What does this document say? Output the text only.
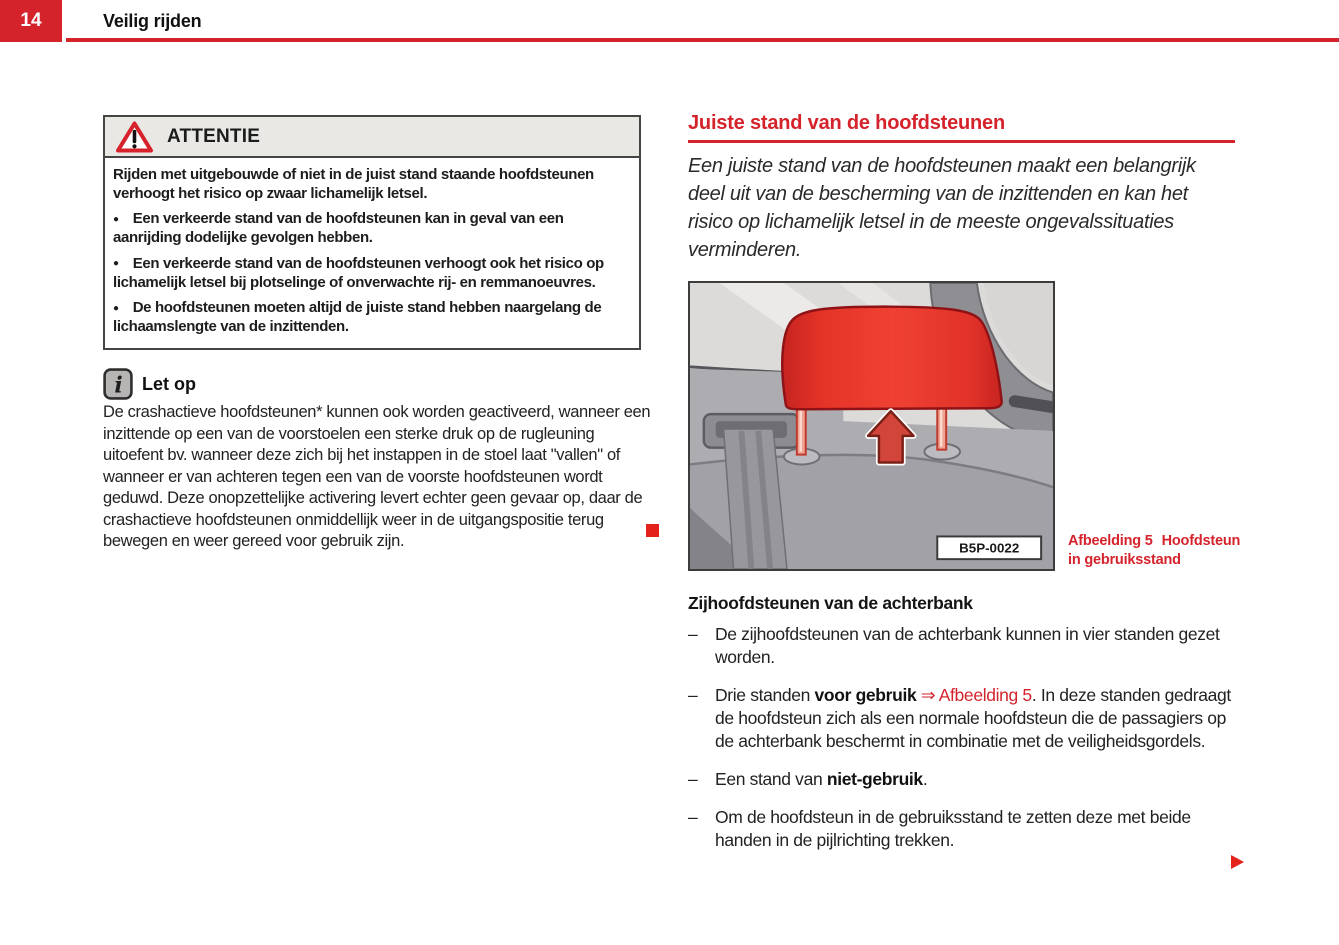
14	Veilig rijden
ATTENTIE

Rijden met uitgebouwde of niet in de juist stand staande hoofdsteunen verhoogt het risico op zwaar lichamelijk letsel.

● Een verkeerde stand van de hoofdsteunen kan in geval van een aanrijding dodelijke gevolgen hebben.

● Een verkeerde stand van de hoofdsteunen verhoogt ook het risico op lichamelijk letsel bij plotselinge of onverwachte rij- en remmanoeuvres.

● De hoofdsteunen moeten altijd de juiste stand hebben naargelang de lichaamslengte van de inzittenden.

i Let op
De crashactieve hoofdsteunen* kunnen ook worden geactiveerd, wanneer een inzittende op een van de voorstoelen een sterke druk op de rugleuning uitoefent bv. wanneer deze zich bij het instappen in de stoel laat "vallen" of wanneer er van achteren tegen een van de voorste hoofdsteunen wordt geduwd. Deze onopzettelijke activering levert echter geen gevaar op, daar de crashactieve hoofdsteunen onmiddellijk weer in de uitgangspositie terug bewegen en weer gereed voor gebruik zijn.
Juiste stand van de hoofdsteunen
Een juiste stand van de hoofdsteunen maakt een belangrijk deel uit van de bescherming van de inzittenden en kan het risico op lichamelijk letsel in de meeste ongevalssituaties verminderen.
B5P-0022	Afbeelding 5 Hoofdsteun in gebruiksstand
Zijhoofdsteunen van de achterbank
–	De zijhoofdsteunen van de achterbank kunnen in vier standen gezet worden.

–	Drie standen voor gebruik ⇒ Afbeelding 5. In deze standen gedraagt de hoofdsteun zich als een normale hoofdsteun die de passagiers op de achterbank beschermt in combinatie met de veiligheidsgordels.

–	Een stand van niet-gebruik.

–	Om de hoofdsteun in de gebruiksstand te zetten deze met beide handen in de pijlrichting trekken.
